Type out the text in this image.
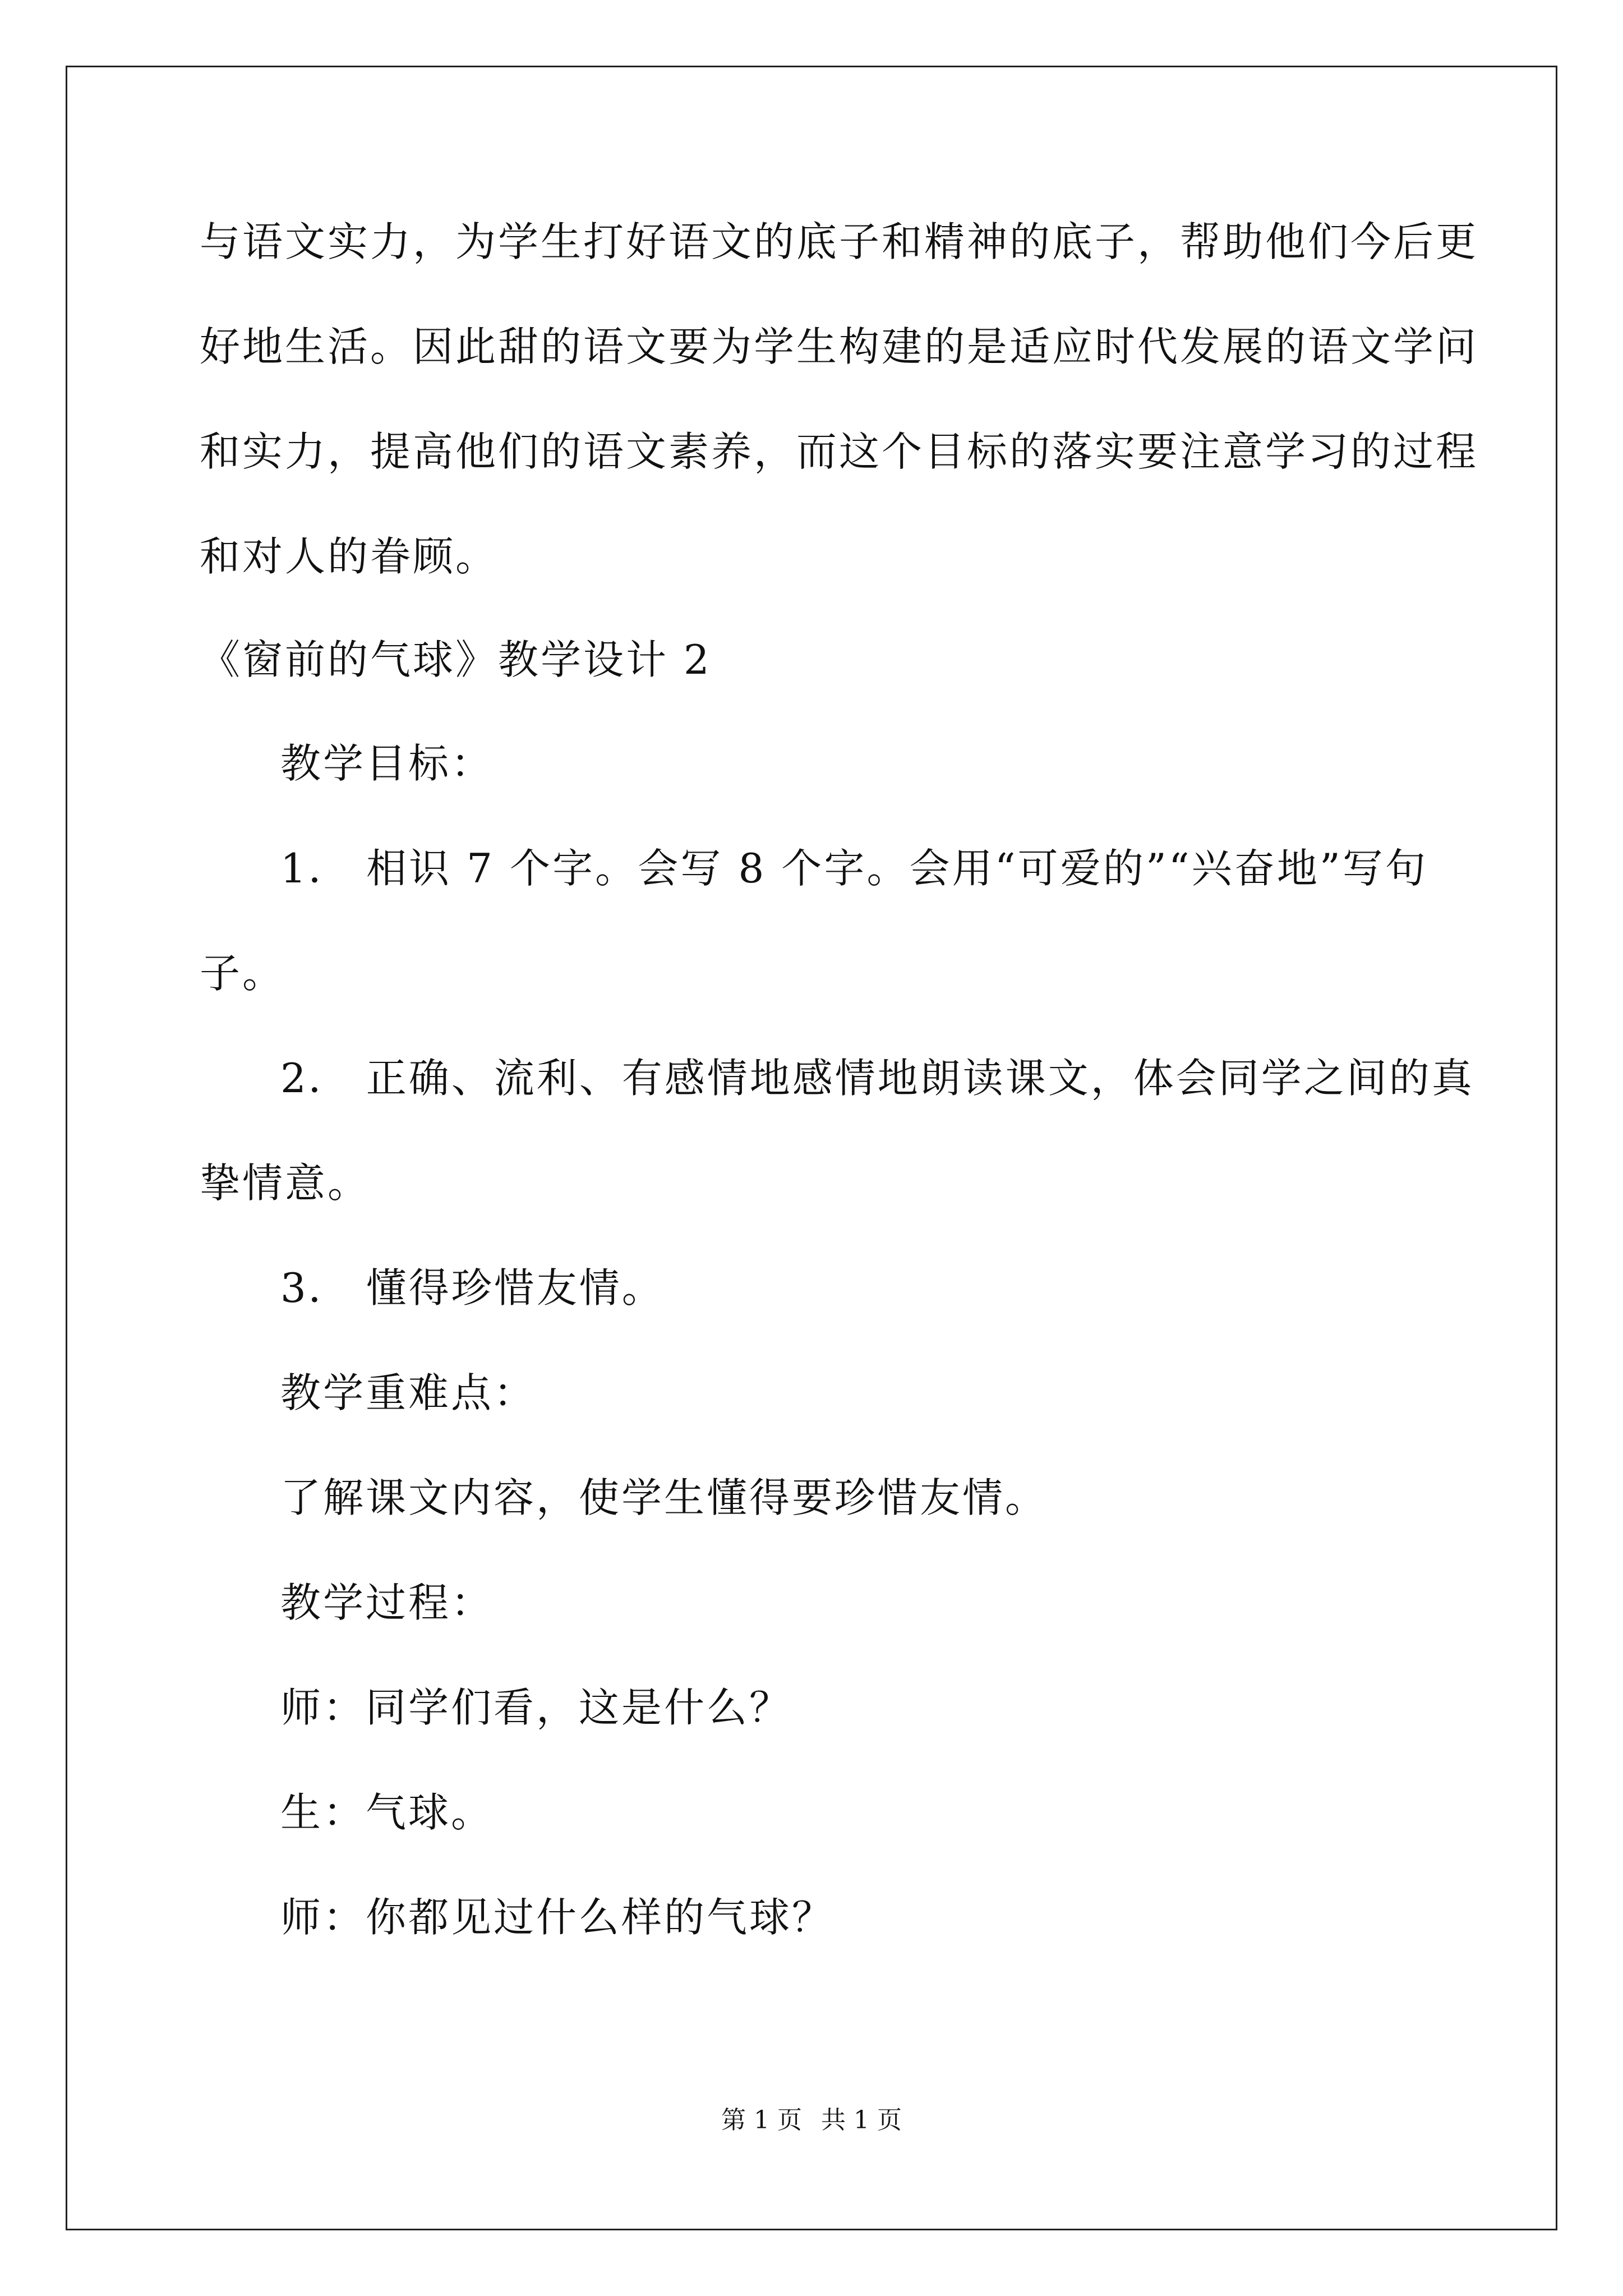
与语文实力，为学生打好语文的底子和精神的底子，帮助他们今后更
好地生活。因此甜的语文要为学生构建的是适应时代发展的语文学问
和实力，提高他们的语文素养，而这个目标的落实要注意学习的过程
和对人的眷顾。
《窗前的气球》教学设计 2
教学目标：
1． 相识 7 个字。会写 8 个字。会用“可爱的”“兴奋地”写句
子。
2． 正确、流利、有感情地感情地朗读课文，体会同学之间的真
挚情意。
3． 懂得珍惜友情。
教学重难点：
了解课文内容，使学生懂得要珍惜友情。
教学过程：
师：同学们看，这是什么？
生：气球。
师：你都见过什么样的气球？
第 1 页 共 1 页
